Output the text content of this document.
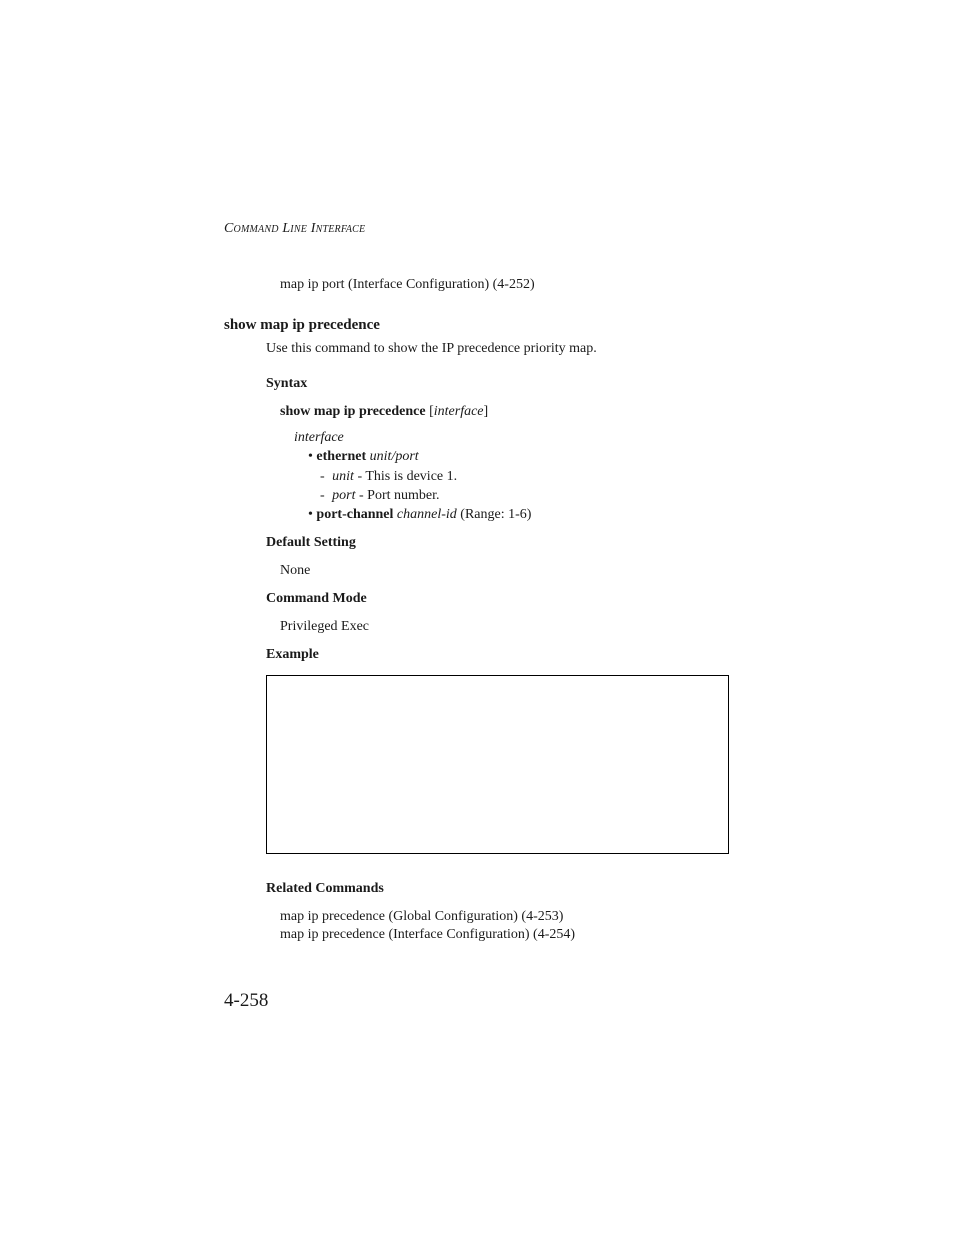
Command Line Interface
map ip port (Interface Configuration) (4-252)
show map ip precedence
Use this command to show the IP precedence priority map.
Syntax
show map ip precedence [interface]
interface
• ethernet unit/port
- unit - This is device 1.
- port - Port number.
• port-channel channel-id (Range: 1-6)
Default Setting
None
Command Mode
Privileged Exec
Example
Related Commands
map ip precedence (Global Configuration) (4-253)
map ip precedence (Interface Configuration) (4-254)
4-258
